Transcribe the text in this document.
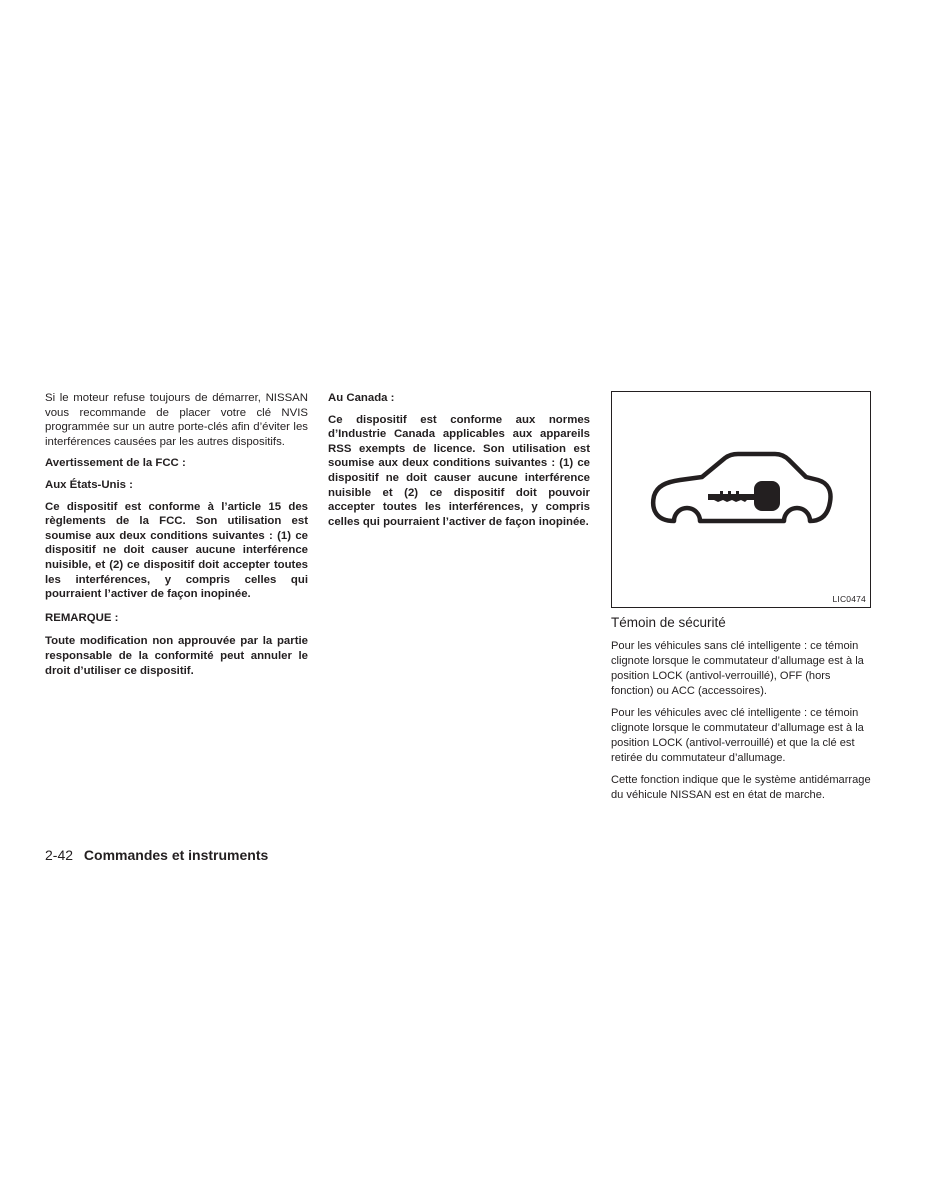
Si le moteur refuse toujours de démarrer, NISSAN vous recommande de placer votre clé NVIS programmée sur un autre porte-clés afin d’éviter les interférences causées par les autres dispositifs.

Avertissement de la FCC :

Aux États-Unis :

Ce dispositif est conforme à l’article 15 des règlements de la FCC. Son utilisation est soumise aux deux conditions suivantes : (1) ce dispositif ne doit causer aucune interférence nuisible, et (2) ce dispositif doit accepter toutes les interférences, y compris celles qui pourraient l’activer de façon inopinée.

REMARQUE :

Toute modification non approuvée par la partie responsable de la conformité peut annuler le droit d’utiliser ce dispositif.

Au Canada :

Ce dispositif est conforme aux normes d’Industrie Canada applicables aux appareils RSS exempts de licence. Son utilisation est soumise aux deux conditions suivantes : (1) ce dispositif ne doit causer aucune interférence nuisible et (2) ce dispositif doit pouvoir accepter toutes les interférences, y compris celles qui pourraient l’activer de façon inopinée.

LIC0474
Témoin de sécurité

Pour les véhicules sans clé intelligente : ce témoin clignote lorsque le commutateur d’allumage est à la position LOCK (antivol-verrouillé), OFF (hors fonction) ou ACC (accessoires).

Pour les véhicules avec clé intelligente : ce témoin clignote lorsque le commutateur d’allumage est à la position LOCK (antivol-verrouillé) et que la clé est retirée du commutateur d’allumage.

Cette fonction indique que le système antidémarrage du véhicule NISSAN est en état de marche.

2-42 Commandes et instruments
